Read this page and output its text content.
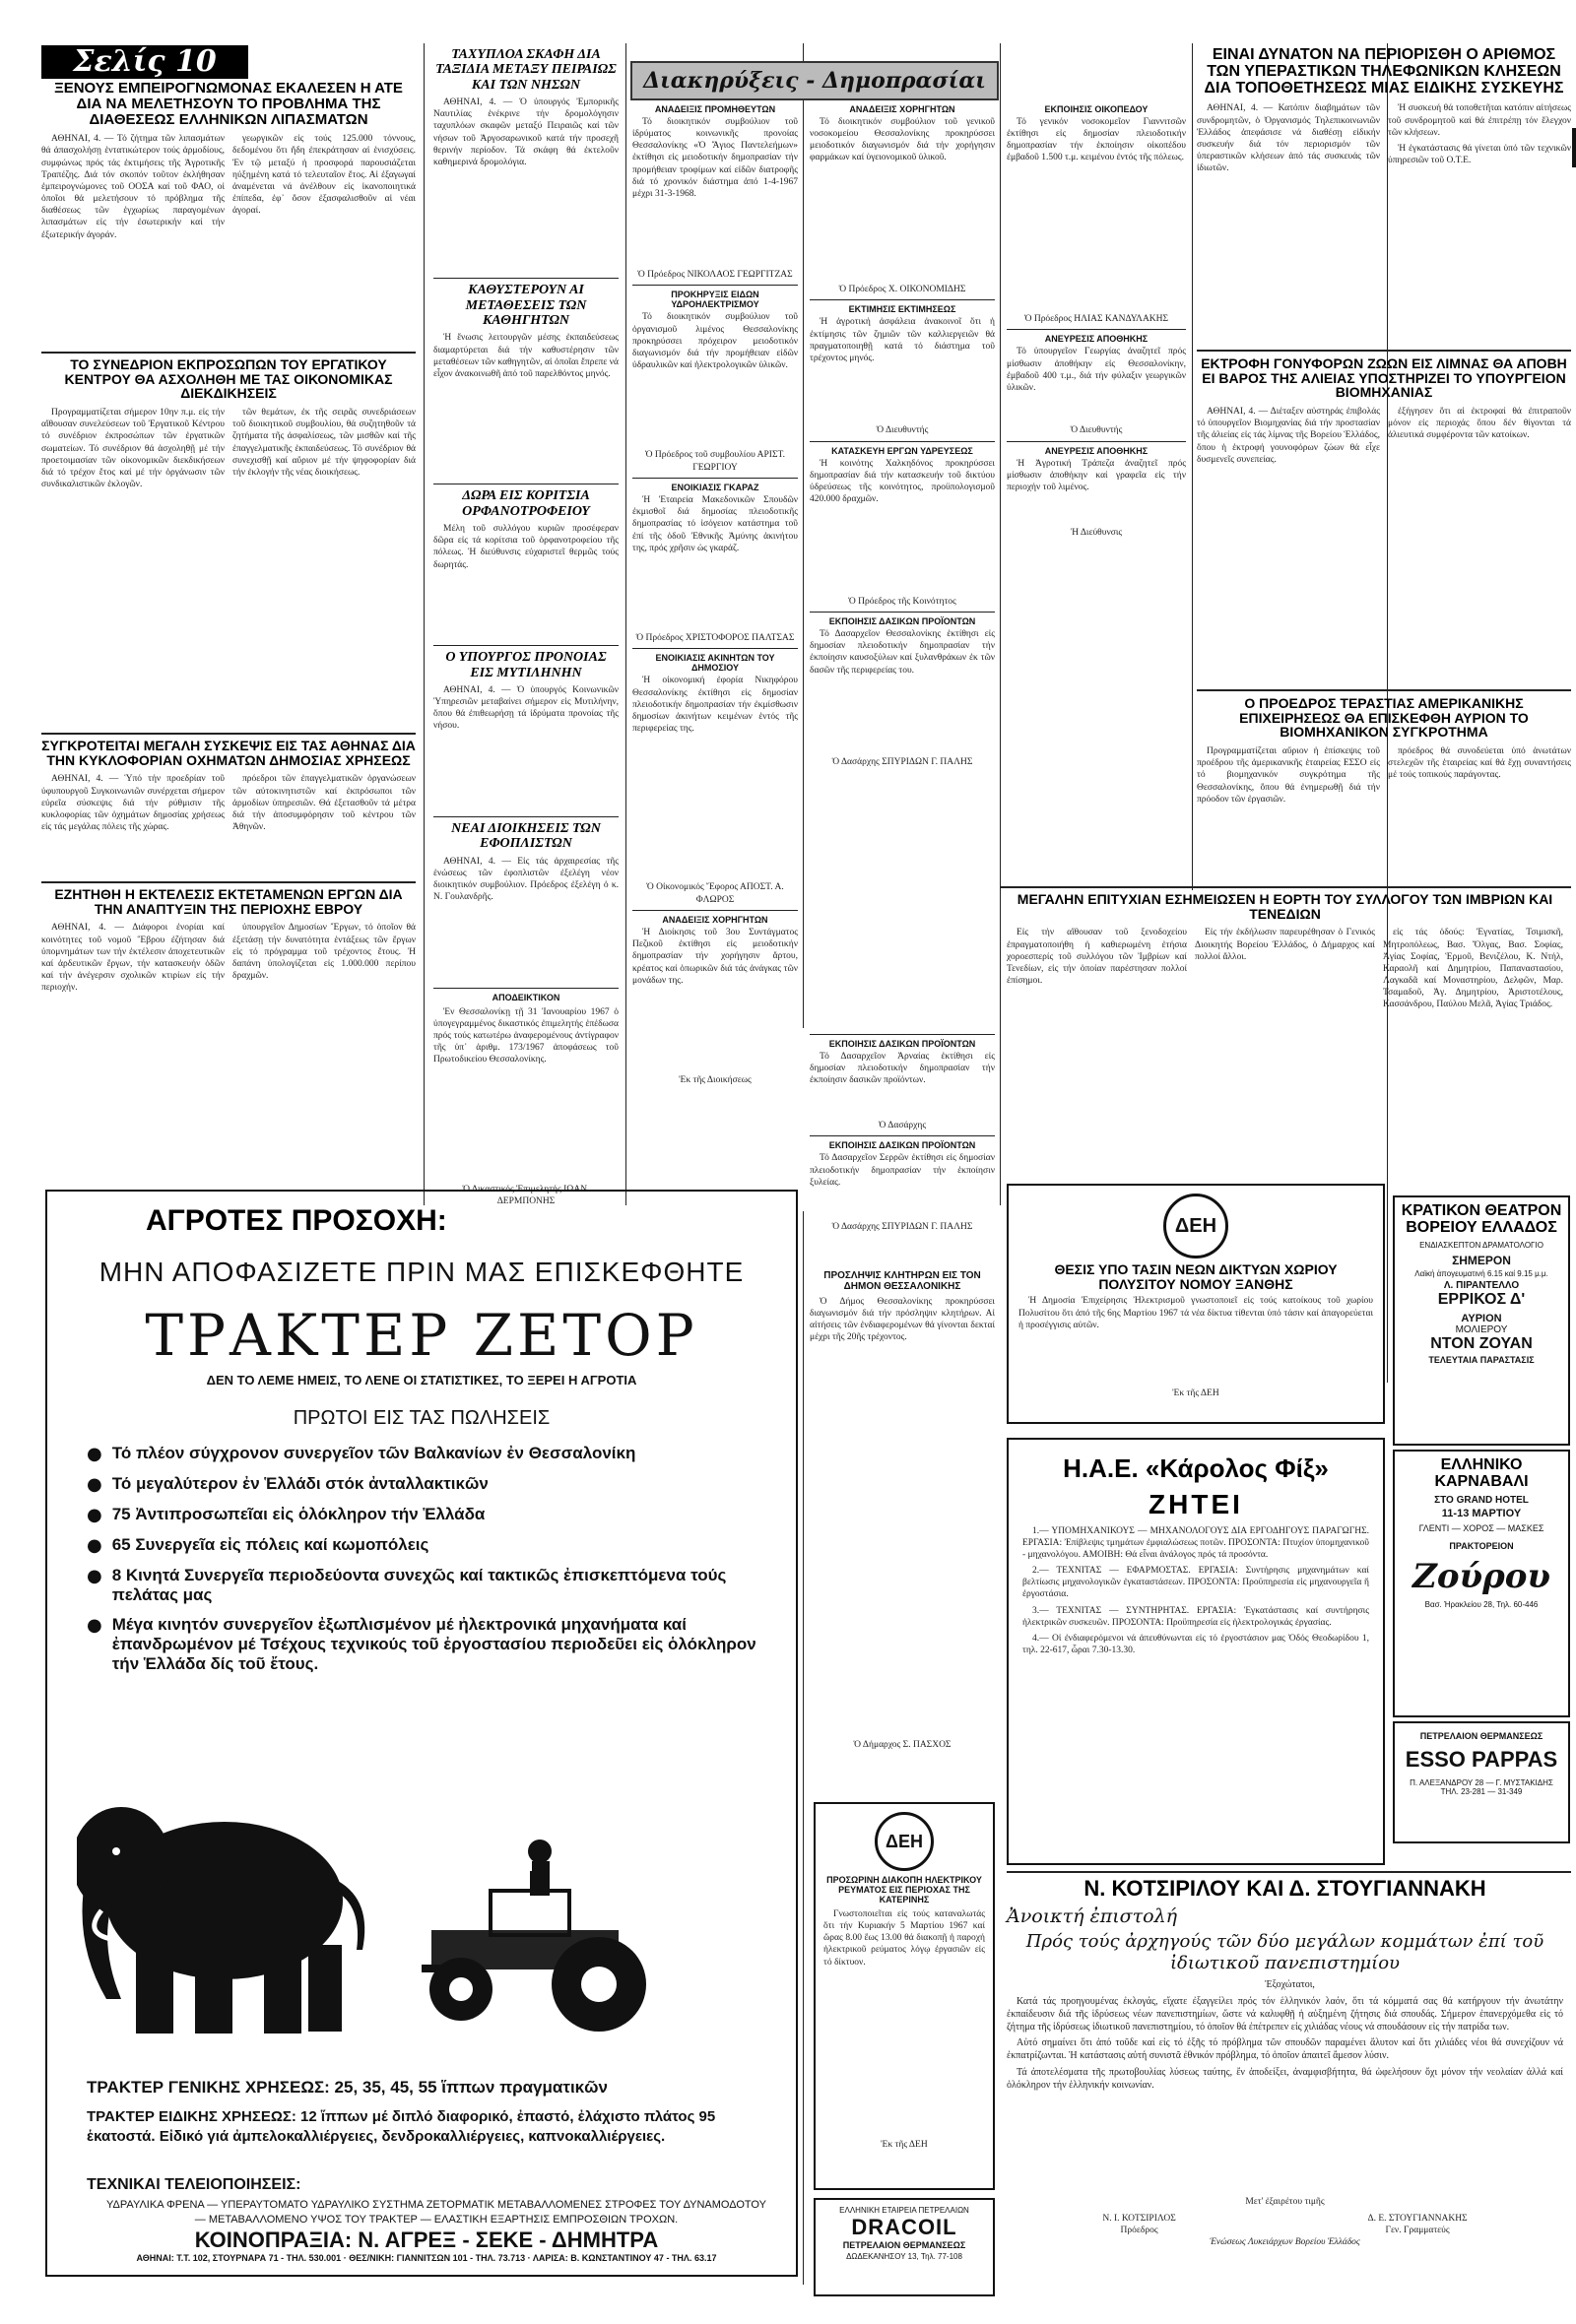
Σελίς 10
ΞΕΝΟΥΣ ΕΜΠΕΙΡΟΓΝΩΜΟΝΑΣ ΕΚΑΛΕΣΕΝ Η ΑΤΕ ΔΙΑ ΝΑ ΜΕΛΕΤΗΣΟΥΝ ΤΟ ΠΡΟΒΛΗΜΑ ΤΗΣ ΔΙΑΘΕΣΕΩΣ ΕΛΛΗΝΙΚΩΝ ΛΙΠΑΣΜΑΤΩΝ

ΑΘΗΝΑΙ, 4. — Τό ζήτημα τῶν λιπασμάτων θά ἀπασχολήσῃ ἐντατικώτερον τούς ἁρμοδίους, συμφώνως πρός τάς ἐκτιμήσεις τῆς Ἀγροτικῆς Τραπέζης. Διά τόν σκοπόν τοῦτον ἐκλήθησαν ἐμπειρογνώμονες τοῦ ΟΟΣΑ καί τοῦ ΦΑΟ, οἱ ὁποῖοι θά μελετήσουν τό πρόβλημα τῆς διαθέσεως τῶν ἐγχωρίως παραγομένων λιπασμάτων εἰς τήν ἐσωτερικήν καί τήν ἐξωτερικήν ἀγοράν.

γεωργικῶν εἰς τούς 125.000 τόννους, δεδομένου ὅτι ἤδη ἐπεκράτησαν αἱ ἐνισχύσεις. Ἐν τῷ μεταξύ ἡ προσφορά παρουσιάζεται ηὐξημένη κατά τό τελευταῖον ἔτος. Αἱ ἐξαγωγαί ἀναμένεται νά ἀνέλθουν εἰς ἱκανοποιητικά ἐπίπεδα, ἐφ᾽ ὅσον ἐξασφαλισθοῦν αἱ νέαι ἀγοραί.

ΤΟ ΣΥΝΕΔΡΙΟΝ ΕΚΠΡΟΣΩΠΩΝ ΤΟΥ ΕΡΓΑΤΙΚΟΥ ΚΕΝΤΡΟΥ ΘΑ ΑΣΧΟΛΗΘΗ ΜΕ ΤΑΣ ΟΙΚΟΝΟΜΙΚΑΣ ΔΙΕΚΔΙΚΗΣΕΙΣ

Προγραμματίζεται σήμερον 10ην π.μ. εἰς τήν αἴθουσαν συνελεύσεων τοῦ Ἐργατικοῦ Κέντρου τό συνέδριον ἐκπροσώπων τῶν ἐργατικῶν σωματείων. Τό συνέδριον θά ἀσχοληθῇ μέ τήν προετοιμασίαν τῶν οἰκονομικῶν διεκδικήσεων διά τό τρέχον ἔτος καί μέ τήν ὀργάνωσιν τῶν συνδικαλιστικῶν ἐκλογῶν.

τῶν θεμάτων, ἐκ τῆς σειρᾶς συνεδριάσεων τοῦ διοικητικοῦ συμβουλίου, θά συζητηθοῦν τά ζητήματα τῆς ἀσφαλίσεως, τῶν μισθῶν καί τῆς ἐπαγγελματικῆς ἐκπαιδεύσεως. Τό συνέδριον θά συνεχισθῇ καί αὔριον μέ τήν ψηφοφορίαν διά τήν ἐκλογήν τῆς νέας διοικήσεως.

ΣΥΓΚΡΟΤΕΙΤΑΙ ΜΕΓΑΛΗ ΣΥΣΚΕΨΙΣ ΕΙΣ ΤΑΣ ΑΘΗΝΑΣ ΔΙΑ ΤΗΝ ΚΥΚΛΟΦΟΡΙΑΝ ΟΧΗΜΑΤΩΝ ΔΗΜΟΣΙΑΣ ΧΡΗΣΕΩΣ

ΑΘΗΝΑΙ, 4. — Ὑπό τήν προεδρίαν τοῦ ὑφυπουργοῦ Συγκοινωνιῶν συνέρχεται σήμερον εὐρεῖα σύσκεψις διά τήν ρύθμισιν τῆς κυκλοφορίας τῶν ὀχημάτων δημοσίας χρήσεως εἰς τάς μεγάλας πόλεις τῆς χώρας.

πρόεδροι τῶν ἐπαγγελματικῶν ὀργανώσεων τῶν αὐτοκινητιστῶν καί ἐκπρόσωποι τῶν ἁρμοδίων ὑπηρεσιῶν. Θά ἐξετασθοῦν τά μέτρα διά τήν ἀποσυμφόρησιν τοῦ κέντρου τῶν Ἀθηνῶν.

ΕΖΗΤΗΘΗ Η ΕΚΤΕΛΕΣΙΣ ΕΚΤΕΤΑΜΕΝΩΝ ΕΡΓΩΝ ΔΙΑ ΤΗΝ ΑΝΑΠΤΥΞΙΝ ΤΗΣ ΠΕΡΙΟΧΗΣ ΕΒΡΟΥ

ΑΘΗΝΑΙ, 4. — Διάφοροι ἐνορίαι καί κοινότητες τοῦ νομοῦ Ἕβρου ἐζήτησαν διά ὑπομνημάτων των τήν ἐκτέλεσιν ἀποχετευτικῶν καί ἀρδευτικῶν ἔργων, τήν κατασκευήν ὁδῶν καί τήν ἀνέγερσιν σχολικῶν κτιρίων εἰς τήν περιοχήν.

ὑπουργεῖον Δημοσίων Ἔργων, τό ὁποῖον θά ἐξετάσῃ τήν δυνατότητα ἐντάξεως τῶν ἔργων εἰς τό πρόγραμμα τοῦ τρέχοντος ἔτους. Ἡ δαπάνη ὑπολογίζεται εἰς 1.000.000 περίπου δραχμῶν.

ΤΑΧΥΠΛΟΑ ΣΚΑΦΗ ΔΙΑ ΤΑΞΙΔΙΑ ΜΕΤΑΞΥ ΠΕΙΡΑΙΩΣ ΚΑΙ ΤΩΝ ΝΗΣΩΝ

ΑΘΗΝΑΙ, 4. — Ὁ ὑπουργός Ἐμπορικῆς Ναυτιλίας ἐνέκρινε τήν δρομολόγησιν ταχυπλόων σκαφῶν μεταξύ Πειραιῶς καί τῶν νήσων τοῦ Ἀργοσαρωνικοῦ κατά τήν προσεχῆ θερινήν περίοδον. Τά σκάφη θά ἐκτελοῦν καθημερινά δρομολόγια.

ΚΑΘΥΣΤΕΡΟΥΝ ΑΙ ΜΕΤΑΘΕΣΕΙΣ ΤΩΝ ΚΑΘΗΓΗΤΩΝ

Ἡ ἔνωσις λειτουργῶν μέσης ἐκπαιδεύσεως διαμαρτύρεται διά τήν καθυστέρησιν τῶν μεταθέσεων τῶν καθηγητῶν, αἱ ὁποῖαι ἔπρεπε νά εἶχον ἀνακοινωθῆ ἀπό τοῦ παρελθόντος μηνός.

ΔΩΡΑ ΕΙΣ ΚΟΡΙΤΣΙΑ ΟΡΦΑΝΟΤΡΟΦΕΙΟΥ

Μέλη τοῦ συλλόγου κυριῶν προσέφεραν δῶρα εἰς τά κορίτσια τοῦ ὀρφανοτροφείου τῆς πόλεως. Ἡ διεύθυνσις εὐχαριστεῖ θερμῶς τούς δωρητάς.

Ο ΥΠΟΥΡΓΟΣ ΠΡΟΝΟΙΑΣ ΕΙΣ ΜΥΤΙΛΗΝΗΝ

ΑΘΗΝΑΙ, 4. — Ὁ ὑπουργός Κοινωνικῶν Ὑπηρεσιῶν μεταβαίνει σήμερον εἰς Μυτιλήνην, ὅπου θά ἐπιθεωρήσῃ τά ἱδρύματα προνοίας τῆς νήσου.

ΝΕΑΙ ΔΙΟΙΚΗΣΕΙΣ ΤΩΝ ΕΦΟΠΛΙΣΤΩΝ

ΑΘΗΝΑΙ, 4. — Εἰς τάς ἀρχαιρεσίας τῆς ἑνώσεως τῶν ἐφοπλιστῶν ἐξελέγη νέον διοικητικόν συμβούλιον. Πρόεδρος ἐξελέγη ὁ κ. Ν. Γουλανδρῆς.

ΑΠΟΔΕΙΚΤΙΚΟΝ

Ἐν Θεσσαλονίκῃ τῇ 31 Ἰανουαρίου 1967 ὁ ὑπογεγραμμένος δικαστικός ἐπιμελητής ἐπέδωσα πρός τούς κατωτέρω ἀναφερομένους ἀντίγραφον τῆς ὑπ᾽ ἀριθμ. 173/1967 ἀποφάσεως τοῦ Πρωτοδικείου Θεσσαλονίκης.

Ὁ Δικαστικός Ἐπιμελητής ΙΩΑΝ. ΔΕΡΜΠΟΝΗΣ
Διακηρύξεις - Δημοπρασίαι
ΑΝΑΔΕΙΞΙΣ ΠΡΟΜΗΘΕΥΤΩΝ

Τό διοικητικόν συμβούλιον τοῦ ἱδρύματος κοινωνικῆς προνοίας Θεσσαλονίκης «Ὁ Ἅγιος Παντελεήμων» ἐκτίθησι εἰς μειοδοτικήν δημοπρασίαν τήν προμήθειαν τροφίμων καί εἰδῶν διατροφῆς διά τό χρονικόν διάστημα ἀπό 1-4-1967 μέχρι 31-3-1968.

Ὁ Πρόεδρος ΝΙΚΟΛΑΟΣ ΓΕΩΡΓΙΤΖΑΣ
ΠΡΟΚΗΡΥΞΙΣ ΕΙΔΩΝ ΥΔΡΟΗΛΕΚΤΡΙΣΜΟΥ

Τό διοικητικόν συμβούλιον τοῦ ὀργανισμοῦ λιμένος Θεσσαλονίκης προκηρύσσει πρόχειρον μειοδοτικόν διαγωνισμόν διά τήν προμήθειαν εἰδῶν ὑδραυλικῶν καί ἠλεκτρολογικῶν ὑλικῶν.

Ὁ Πρόεδρος τοῦ συμβουλίου ΑΡΙΣΤ. ΓΕΩΡΓΙΟΥ
ΕΝΟΙΚΙΑΣΙΣ ΓΚΑΡΑΖ

Ἡ Ἑταιρεία Μακεδονικῶν Σπουδῶν ἐκμισθοῖ διά δημοσίας πλειοδοτικῆς δημοπρασίας τό ἰσόγειον κατάστημα τοῦ ἐπί τῆς ὁδοῦ Ἐθνικῆς Ἀμύνης ἀκινήτου της, πρός χρῆσιν ὡς γκαράζ.

Ὁ Πρόεδρος ΧΡΙΣΤΟΦΟΡΟΣ ΠΑΛΤΣΑΣ
ΕΝΟΙΚΙΑΣΙΣ ΑΚΙΝΗΤΩΝ ΤΟΥ ΔΗΜΟΣΙΟΥ

Ἡ οἰκονομική ἐφορία Νικηφόρου Θεσσαλονίκης ἐκτίθησι εἰς δημοσίαν πλειοδοτικήν δημοπρασίαν τήν ἐκμίσθωσιν δημοσίων ἀκινήτων κειμένων ἐντός τῆς περιφερείας της.

Ὁ Οἰκονομικός Ἔφορος ΑΠΟΣΤ. Α. ΦΛΩΡΟΣ
ΑΝΑΔΕΙΞΙΣ ΧΟΡΗΓΗΤΩΝ

Ἡ Διοίκησις τοῦ 3ου Συντάγματος Πεζικοῦ ἐκτίθησι εἰς μειοδοτικήν δημοπρασίαν τήν χορήγησιν ἄρτου, κρέατος καί ὀπωρικῶν διά τάς ἀνάγκας τῶν μονάδων της.

Ἐκ τῆς Διοικήσεως
ΑΝΑΔΕΙΞΙΣ ΧΟΡΗΓΗΤΩΝ

Τό διοικητικόν συμβούλιον τοῦ γενικοῦ νοσοκομείου Θεσσαλονίκης προκηρύσσει μειοδοτικόν διαγωνισμόν διά τήν χορήγησιν φαρμάκων καί ὑγειονομικοῦ ὑλικοῦ.

Ὁ Πρόεδρος Χ. ΟΙΚΟΝΟΜΙΔΗΣ
ΕΚΤΙΜΗΣΙΣ ΕΚΤΙΜΗΣΕΩΣ

Ἡ ἀγροτική ἀσφάλεια ἀνακοινοῖ ὅτι ἡ ἐκτίμησις τῶν ζημιῶν τῶν καλλιεργειῶν θά πραγματοποιηθῇ κατά τό διάστημα τοῦ τρέχοντος μηνός.

Ὁ Διευθυντής
ΚΑΤΑΣΚΕΥΗ ΕΡΓΩΝ ΥΔΡΕΥΣΕΩΣ

Ἡ κοινότης Χαλκηδόνος προκηρύσσει δημοπρασίαν διά τήν κατασκευήν τοῦ δικτύου ὑδρεύσεως τῆς κοινότητος, προϋπολογισμοῦ 420.000 δραχμῶν.

Ὁ Πρόεδρος τῆς Κοινότητος
ΕΚΠΟΙΗΣΙΣ ΔΑΣΙΚΩΝ ΠΡΟΪΟΝΤΩΝ

Τό Δασαρχεῖον Θεσσαλονίκης ἐκτίθησι εἰς δημοσίαν πλειοδοτικήν δημοπρασίαν τήν ἐκποίησιν καυσοξύλων καί ξυλανθράκων ἐκ τῶν δασῶν τῆς περιφερείας του.

Ὁ Δασάρχης ΣΠΥΡΙΔΩΝ Γ. ΠΑΛΗΣ
ΕΚΠΟΙΗΣΙΣ ΔΑΣΙΚΩΝ ΠΡΟΪΟΝΤΩΝ

Τό Δασαρχεῖον Ἀρναίας ἐκτίθησι εἰς δημοσίαν πλειοδοτικήν δημοπρασίαν τήν ἐκποίησιν δασικῶν προϊόντων.

Ὁ Δασάρχης
ΕΚΠΟΙΗΣΙΣ ΔΑΣΙΚΩΝ ΠΡΟΪΟΝΤΩΝ

Τό Δασαρχεῖον Σερρῶν ἐκτίθησι εἰς δημοσίαν πλειοδοτικήν δημοπρασίαν τήν ἐκποίησιν ξυλείας.

Ὁ Δασάρχης ΣΠΥΡΙΔΩΝ Γ. ΠΑΛΗΣ
ΠΡΟΣΛΗΨΙΣ ΚΛΗΤΗΡΩΝ ΕΙΣ ΤΟΝ ΔΗΜΟΝ ΘΕΣΣΑΛΟΝΙΚΗΣ

Ὁ Δήμος Θεσσαλονίκης προκηρύσσει διαγωνισμόν διά τήν πρόσληψιν κλητήρων. Αἱ αἰτήσεις τῶν ἐνδιαφερομένων θά γίνονται δεκταί μέχρι τῆς 20ῆς τρέχοντος.

Ὁ Δήμαρχος Σ. ΠΑΣΧΟΣ
ΔΕΗ
ΠΡΟΣΩΡΙΝΗ ΔΙΑΚΟΠΗ ΗΛΕΚΤΡΙΚΟΥ ΡΕΥΜΑΤΟΣ ΕΙΣ ΠΕΡΙΟΧΑΣ ΤΗΣ ΚΑΤΕΡΙΝΗΣ

Γνωστοποιεῖται εἰς τούς καταναλωτάς ὅτι τήν Κυριακήν 5 Μαρτίου 1967 καί ὥρας 8.00 ἕως 13.00 θά διακοπῇ ἡ παροχή ἠλεκτρικοῦ ρεύματος λόγῳ ἐργασιῶν εἰς τό δίκτυον.

Ἐκ τῆς ΔΕΗ
ΕΛΛΗΝΙΚΗ ΕΤΑΙΡΕΙΑ ΠΕΤΡΕΛΑΙΩΝ
DRACOIL
ΠΕΤΡΕΛΑΙΟΝ ΘΕΡΜΑΝΣΕΩΣ
ΔΩΔΕΚΑΝΗΣΟΥ 13, Τηλ. 77-108
ΕΚΠΟΙΗΣΙΣ ΟΙΚΟΠΕΔΟΥ

Τό γενικόν νοσοκομεῖον Γιαννιτσῶν ἐκτίθησι εἰς δημοσίαν πλειοδοτικήν δημοπρασίαν τήν ἐκποίησιν οἰκοπέδου ἐμβαδοῦ 1.500 τ.μ. κειμένου ἐντός τῆς πόλεως.

Ὁ Πρόεδρος ΗΛΙΑΣ ΚΑΝΔΥΛΑΚΗΣ
ΑΝΕΥΡΕΣΙΣ ΑΠΟΘΗΚΗΣ

Τό ὑπουργεῖον Γεωργίας ἀναζητεῖ πρός μίσθωσιν ἀποθήκην εἰς Θεσσαλονίκην, ἐμβαδοῦ 400 τ.μ., διά τήν φύλαξιν γεωργικῶν ὑλικῶν.

Ὁ Διευθυντής
ΑΝΕΥΡΕΣΙΣ ΑΠΟΘΗΚΗΣ

Ἡ Ἀγροτική Τράπεζα ἀναζητεῖ πρός μίσθωσιν ἀποθήκην καί γραφεῖα εἰς τήν περιοχήν τοῦ λιμένος.

Ἡ Διεύθυνσις
ΕΙΝΑΙ ΔΥΝΑΤΟΝ ΝΑ ΠΕΡΙΟΡΙΣΘΗ Ο ΑΡΙΘΜΟΣ ΤΩΝ ΥΠΕΡΑΣΤΙΚΩΝ ΤΗΛΕΦΩΝΙΚΩΝ ΚΛΗΣΕΩΝ ΔΙΑ ΤΟΠΟΘΕΤΗΣΕΩΣ ΜΙΑΣ ΕΙΔΙΚΗΣ ΣΥΣΚΕΥΗΣ

ΑΘΗΝΑΙ, 4. — Κατόπιν διαβημάτων τῶν συνδρομητῶν, ὁ Ὀργανισμός Τηλεπικοινωνιῶν Ἑλλάδος ἀπεφάσισε νά διαθέσῃ εἰδικήν συσκευήν διά τόν περιορισμόν τῶν ὑπεραστικῶν κλήσεων ἀπό τάς συσκευάς τῶν ἰδιωτῶν.

Ἡ συσκευή θά τοποθετῆται κατόπιν αἰτήσεως τοῦ συνδρομητοῦ καί θά ἐπιτρέπῃ τόν ἔλεγχον τῶν κλήσεων.

Ἡ ἐγκατάστασις θά γίνεται ὑπό τῶν τεχνικῶν ὑπηρεσιῶν τοῦ Ο.Τ.Ε.

ΕΚΤΡΟΦΗ ΓΟΝΥΦΟΡΩΝ ΖΩΩΝ ΕΙΣ ΛΙΜΝΑΣ ΘΑ ΑΠΟΒΗ ΕΙ ΒΑΡΟΣ ΤΗΣ ΑΛΙΕΙΑΣ ΥΠΟΣΤΗΡΙΖΕΙ ΤΟ ΥΠΟΥΡΓΕΙΟΝ ΒΙΟΜΗΧΑΝΙΑΣ

ΑΘΗΝΑΙ, 4. — Διέταξεν αὐστηράς ἐπιβολάς τό ὑπουργεῖον Βιομηχανίας διά τήν προστασίαν τῆς ἁλιείας εἰς τάς λίμνας τῆς Βορείου Ἑλλάδος, ὅπου ἡ ἐκτροφή γουνοφόρων ζώων θά εἶχε δυσμενεῖς συνεπείας.

ἐξήγησεν ὅτι αἱ ἐκτροφαί θά ἐπιτραποῦν μόνον εἰς περιοχάς ὅπου δέν θίγονται τά ἁλιευτικά συμφέροντα τῶν κατοίκων.

Ο ΠΡΟΕΔΡΟΣ ΤΕΡΑΣΤΙΑΣ ΑΜΕΡΙΚΑΝΙΚΗΣ ΕΠΙΧΕΙΡΗΣΕΩΣ ΘΑ ΕΠΙΣΚΕΦΘΗ ΑΥΡΙΟΝ ΤΟ ΒΙΟΜΗΧΑΝΙΚΟΝ ΣΥΓΚΡΟΤΗΜΑ

Προγραμματίζεται αὔριον ἡ ἐπίσκεψις τοῦ προέδρου τῆς ἀμερικανικῆς ἑταιρείας ΕΣΣΟ εἰς τό βιομηχανικόν συγκρότημα τῆς Θεσσαλονίκης, ὅπου θά ἐνημερωθῇ διά τήν πρόοδον τῶν ἐργασιῶν.

πρόεδρος θά συνοδεύεται ὑπό ἀνωτάτων στελεχῶν τῆς ἑταιρείας καί θά ἔχῃ συναντήσεις μέ τούς τοπικούς παράγοντας.

ΜΕΓΑΛΗΝ ΕΠΙΤΥΧΙΑΝ ΕΣΗΜΕΙΩΣΕΝ Η ΕΟΡΤΗ ΤΟΥ ΣΥΛΛΟΓΟΥ ΤΩΝ ΙΜΒΡΙΩΝ ΚΑΙ ΤΕΝΕΔΙΩΝ

Εἰς τήν αἴθουσαν τοῦ ξενοδοχείου ἐπραγματοποιήθη ἡ καθιερωμένη ἐτήσια χοροεσπερίς τοῦ συλλόγου τῶν Ἰμβρίων καί Τενεδίων, εἰς τήν ὁποίαν παρέστησαν πολλοί ἐπίσημοι.

Εἰς τήν ἐκδήλωσιν παρευρέθησαν ὁ Γενικός Διοικητής Βορείου Ἑλλάδος, ὁ Δήμαρχος καί πολλοί ἄλλοι.

εἰς τάς ὁδούς: Ἐγνατίας, Τσιμισκῆ, Μητροπόλεως, Βασ. Ὄλγας, Βασ. Σοφίας, Ἀγίας Σοφίας, Ἑρμοῦ, Βενιζέλου, Κ. Ντήλ, Καραολῆ καί Δημητρίου, Παπαναστασίου, Λαγκαδᾶ καί Μοναστηρίου, Δελφῶν, Μαρ. Τσαμαδοῦ, Ἁγ. Δημητρίου, Ἀριστοτέλους, Κασσάνδρου, Παύλου Μελᾶ, Ἀγίας Τριάδος.

ΔΕΗ
ΘΕΣΙΣ ΥΠΟ ΤΑΣΙΝ ΝΕΩΝ ΔΙΚΤΥΩΝ ΧΩΡΙΟΥ ΠΟΛΥΣΙΤΟΥ ΝΟΜΟΥ ΞΑΝΘΗΣ

Ἡ Δημοσία Ἐπιχείρησις Ἠλεκτρισμοῦ γνωστοποιεῖ εἰς τούς κατοίκους τοῦ χωρίου Πολυσίτου ὅτι ἀπό τῆς 6ης Μαρτίου 1967 τά νέα δίκτυα τίθενται ὑπό τάσιν καί ἀπαγορεύεται ἡ προσέγγισις αὐτῶν.

Ἐκ τῆς ΔΕΗ
ΚΡΑΤΙΚΟΝ ΘΕΑΤΡΟΝ ΒΟΡΕΙΟΥ ΕΛΛΑΔΟΣ
ΕΝΔΙΑΣΚΕΠΤΟΝ ΔΡΑΜΑΤΟΛΟΓΙΟ
ΣΗΜΕΡΟΝ
Λαϊκή ἀπογευματινή 6.15 καί 9.15 μ.μ.
Λ. ΠΙΡΑΝΤΕΛΛΟ
ΕΡΡΙΚΟΣ Δ'
ΑΥΡΙΟΝ
ΜΟΛΙΕΡΟΥ
ΝΤΟΝ ΖΟΥΑΝ
ΤΕΛΕΥΤΑΙΑ ΠΑΡΑΣΤΑΣΙΣ
ΕΛΛΗΝΙΚΟ ΚΑΡΝΑΒΑΛΙ
ΣΤΟ GRAND HOTEL
11-13 ΜΑΡΤΙΟΥ
ΓΛΕΝΤΙ — ΧΟΡΟΣ — ΜΑΣΚΕΣ
ΠΡΑΚΤΟΡΕΙΟΝ
Ζούρου
Βασ. Ἡρακλείου 28, Τηλ. 60-446
ΠΕΤΡΕΛΑΙΟΝ ΘΕΡΜΑΝΣΕΩΣ
ESSO PAPPAS
Π. ΑΛΕΞΑΝΔΡΟΥ 28 — Γ. ΜΥΣΤΑΚΙΔΗΣ
ΤΗΛ. 23-281 — 31-349
ΑΓΡΟΤΕΣ ΠΡΟΣΟΧΗ:
ΜΗΝ ΑΠΟΦΑΣΙΖΕΤΕ ΠΡΙΝ ΜΑΣ ΕΠΙΣΚΕΦΘΗΤΕ
ΤΡΑΚΤΕΡ ΖΕΤΟΡ
ΔΕΝ ΤΟ ΛΕΜΕ ΗΜΕΙΣ, ΤΟ ΛΕΝΕ ΟΙ ΣΤΑΤΙΣΤΙΚΕΣ, ΤΟ ΞΕΡΕΙ Η ΑΓΡΟΤΙΑ
ΠΡΩΤΟΙ ΕΙΣ ΤΑΣ ΠΩΛΗΣΕΙΣ
● Τό πλέον σύγχρονον συνεργεῖον τῶν Βαλκανίων ἐν Θεσσαλονίκη
● Τό μεγαλύτερον ἐν Ἑλλάδι στόκ ἀνταλλακτικῶν
● 75 Ἀντιπροσωπεῖαι εἰς ὁλόκληρον τήν Ἑλλάδα
● 65 Συνεργεῖα εἰς πόλεις καί κωμοπόλεις
● 8 Κινητά Συνεργεῖα περιοδεύοντα συνεχῶς καί τακτικῶς ἐπισκεπτόμενα τούς πελάτας μας
● Μέγα κινητόν συνεργεῖον ἐξωπλισμένον μέ ἠλεκτρονικά μηχανήματα καί ἐπανδρωμένον μέ Τσέχους τεχνικούς τοῦ ἐργοστασίου περιοδεῦει εἰς ὁλόκληρον τήν Ἑλλάδα δίς τοῦ ἔτους.
ΤΡΑΚΤΕΡ ΓΕΝΙΚΗΣ ΧΡΗΣΕΩΣ: 25, 35, 45, 55 ἵππων πραγματικῶν
ΤΡΑΚΤΕΡ ΕΙΔΙΚΗΣ ΧΡΗΣΕΩΣ: 12 ἵππων μέ διπλό διαφορικό, ἐπαστό, ἐλάχιστο πλάτος 95 ἑκατοστά. Εἰδικό γιά ἀμπελοκαλλιέργειες, δενδροκαλλιέργειες, καπνοκαλλιέργειες.
ΤΕΧΝΙΚΑΙ ΤΕΛΕΙΟΠΟΙΗΣΕΙΣ:
ΥΔΡΑΥΛΙΚΑ ΦΡΕΝΑ — ΥΠΕΡΑΥΤΟΜΑΤΟ ΥΔΡΑΥΛΙΚΟ ΣΥΣΤΗΜΑ ΖΕΤΟΡΜΑΤΙΚ ΜΕΤΑΒΑΛΛΟΜΕΝΕΣ ΣΤΡΟΦΕΣ ΤΟΥ ΔΥΝΑΜΟΔΟΤΟΥ — ΜΕΤΑΒΑΛΛΟΜΕΝΟ ΥΨΟΣ ΤΟΥ ΤΡΑΚΤΕΡ — ΕΛΑΣΤΙΚΗ ΕΞΑΡΤΗΣΙΣ ΕΜΠΡΟΣΘΙΩΝ ΤΡΟΧΩΝ.
ΚΟΙΝΟΠΡΑΞΙΑ: Ν. ΑΓΡΕΞ - ΣΕΚΕ - ΔΗΜΗΤΡΑ
ΑΘΗΝΑΙ: Τ.Τ. 102, ΣΤΟΥΡΝΑΡΑ 71 - ΤΗΛ. 530.001 · ΘΕΣ/ΝΙΚΗ: ΓΙΑΝΝΙΤΣΩΝ 101 - ΤΗΛ. 73.713 · ΛΑΡΙΣΑ: Β. ΚΩΝΣΤΑΝΤΙΝΟΥ 47 - ΤΗΛ. 63.17
Η.Α.Ε. «Κάρολος Φίξ»
ΖΗΤΕΙ

1.— ΥΠΟΜΗΧΑΝΙΚΟΥΣ — ΜΗΧΑΝΟΛΟΓΟΥΣ ΔΙΑ ΕΡΓΟΔΗΓΟΥΣ ΠΑΡΑΓΩΓΗΣ. ΕΡΓΑΣΙΑ: Ἐπίβλεψις τμημάτων ἐμφιαλώσεως ποτῶν. ΠΡΟΣΟΝΤΑ: Πτυχίον ὑπομηχανικοῦ - μηχανολόγου. ΑΜΟΙΒΗ: Θά εἶναι ἀνάλογος πρός τά προσόντα.

2.— ΤΕΧΝΙΤΑΣ — ΕΦΑΡΜΟΣΤΑΣ. ΕΡΓΑΣΙΑ: Συντήρησις μηχανημάτων καί βελτίωσις μηχανολογικῶν ἐγκαταστάσεων. ΠΡΟΣΟΝΤΑ: Προϋπηρεσία εἰς μηχανουργεῖα ἤ ἐργοστάσια.

3.— ΤΕΧΝΙΤΑΣ — ΣΥΝΤΗΡΗΤΑΣ. ΕΡΓΑΣΙΑ: Ἐγκατάστασις καί συντήρησις ἠλεκτρικῶν συσκευῶν. ΠΡΟΣΟΝΤΑ: Προϋπηρεσία εἰς ἠλεκτρολογικάς ἐργασίας.

4.— Οἱ ἐνδιαφερόμενοι νά ἀπευθύνωνται εἰς τό ἐργοστάσιον μας Ὁδός Θεοδωρίδου 1, τηλ. 22-617, ὧραι 7.30-13.30.

Ν. ΚΟΤΣΙΡΙΛΟΥ ΚΑΙ Δ. ΣΤΟΥΓΙΑΝΝΑΚΗ
Ἀνοικτή ἐπιστολή
Πρός τούς ἀρχηγούς τῶν δύο μεγάλων κομμάτων ἐπί τοῦ ἰδιωτικοῦ πανεπιστημίου

Ἐξοχώτατοι,

Κατά τάς προηγουμένας ἐκλογάς, εἴχατε ἐξαγγείλει πρός τόν ἑλληνικόν λαόν, ὅτι τά κόμματά σας θά κατήργουν τήν ἀνωτάτην ἐκπαίδευσιν διά τῆς ἱδρύσεως νέων πανεπιστημίων, ὥστε νά καλυφθῇ ἡ αὐξημένη ζήτησις διά σπουδάς. Σήμερον ἐπανερχόμεθα εἰς τό ζήτημα τῆς ἱδρύσεως ἰδιωτικοῦ πανεπιστημίου, τό ὁποῖον θά ἐπέτρεπεν εἰς χιλιάδας νέους νά σπουδάσουν εἰς τήν πατρίδα των.

Αὐτό σημαίνει ὅτι ἀπό τοῦδε καί εἰς τό ἑξῆς τό πρόβλημα τῶν σπουδῶν παραμένει ἄλυτον καί ὅτι χιλιάδες νέοι θά συνεχίζουν νά ἐκπατρίζωνται. Ἡ κατάστασις αὐτή συνιστᾶ ἐθνικόν πρόβλημα, τό ὁποῖον ἀπαιτεῖ ἄμεσον λύσιν.

Τά ἀποτελέσματα τῆς πρωτοβουλίας λύσεως ταύτης, ἔν ἀποδείξει, ἀναμφισβήτητα, θά ὠφελήσουν ὄχι μόνον τήν νεολαίαν ἀλλά καί ὁλόκληρον τήν ἑλληνικήν κοινωνίαν.

Μετ' ἐξαιρέτου τιμῆς
Ν. Ι. ΚΟΤΣΙΡΙΛΟΣ
Πρόεδρος
Δ. Ε. ΣΤΟΥΓΙΑΝΝΑΚΗΣ
Γεν. Γραμματεύς
Ἑνώσεως Λυκειάρχων Βορείου Ἑλλάδος
